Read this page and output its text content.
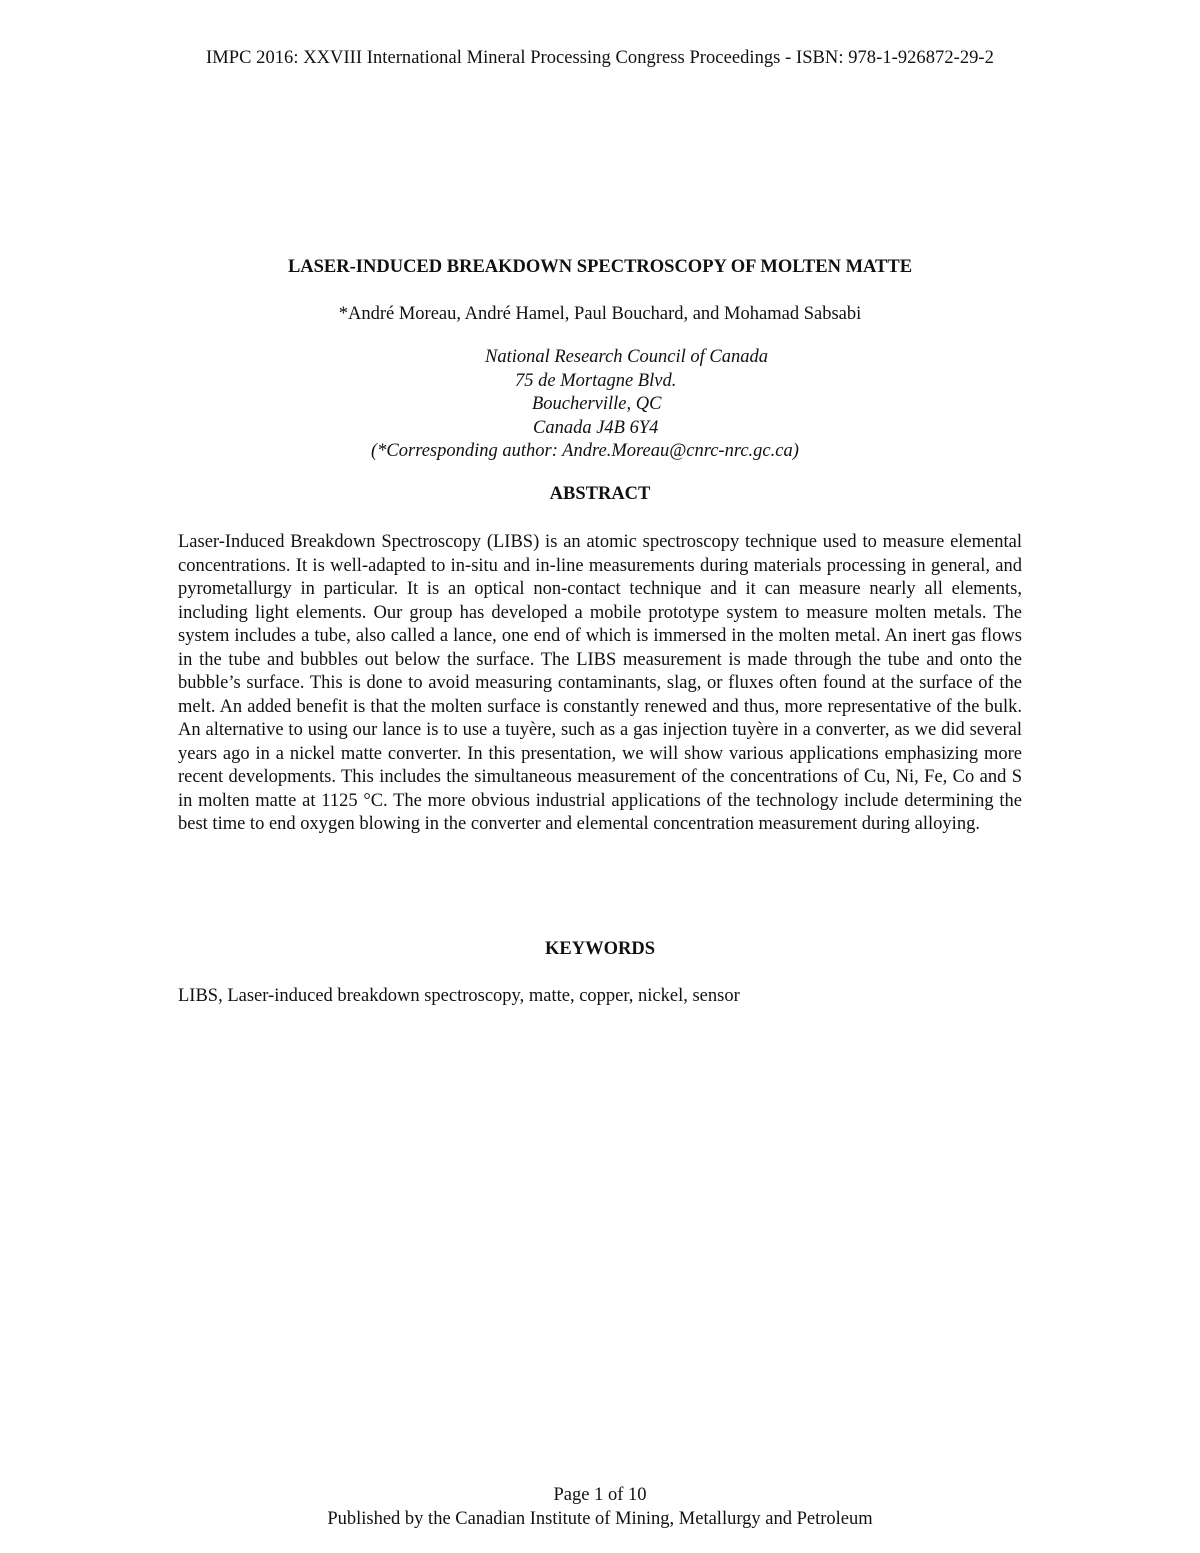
IMPC 2016: XXVIII International Mineral Processing Congress Proceedings - ISBN: 978-1-926872-29-2
LASER-INDUCED BREAKDOWN SPECTROSCOPY OF MOLTEN MATTE
*André Moreau, André Hamel, Paul Bouchard, and Mohamad Sabsabi
National Research Council of Canada
75 de Mortagne Blvd.
Boucherville, QC
Canada J4B 6Y4
(*Corresponding author: Andre.Moreau@cnrc-nrc.gc.ca)
ABSTRACT
Laser-Induced Breakdown Spectroscopy (LIBS) is an atomic spectroscopy technique used to measure elemental concentrations. It is well-adapted to in-situ and in-line measurements during materials processing in general, and pyrometallurgy in particular. It is an optical non-contact technique and it can measure nearly all elements, including light elements. Our group has developed a mobile prototype system to measure molten metals. The system includes a tube, also called a lance, one end of which is immersed in the molten metal. An inert gas flows in the tube and bubbles out below the surface. The LIBS measurement is made through the tube and onto the bubble’s surface. This is done to avoid measuring contaminants, slag, or fluxes often found at the surface of the melt. An added benefit is that the molten surface is constantly renewed and thus, more representative of the bulk. An alternative to using our lance is to use a tuyère, such as a gas injection tuyère in a converter, as we did several years ago in a nickel matte converter. In this presentation, we will show various applications emphasizing more recent developments. This includes the simultaneous measurement of the concentrations of Cu, Ni, Fe, Co and S in molten matte at 1125 °C. The more obvious industrial applications of the technology include determining the best time to end oxygen blowing in the converter and elemental concentration measurement during alloying.
KEYWORDS
LIBS, Laser-induced breakdown spectroscopy, matte, copper, nickel, sensor
Page 1 of 10
Published by the Canadian Institute of Mining, Metallurgy and Petroleum
